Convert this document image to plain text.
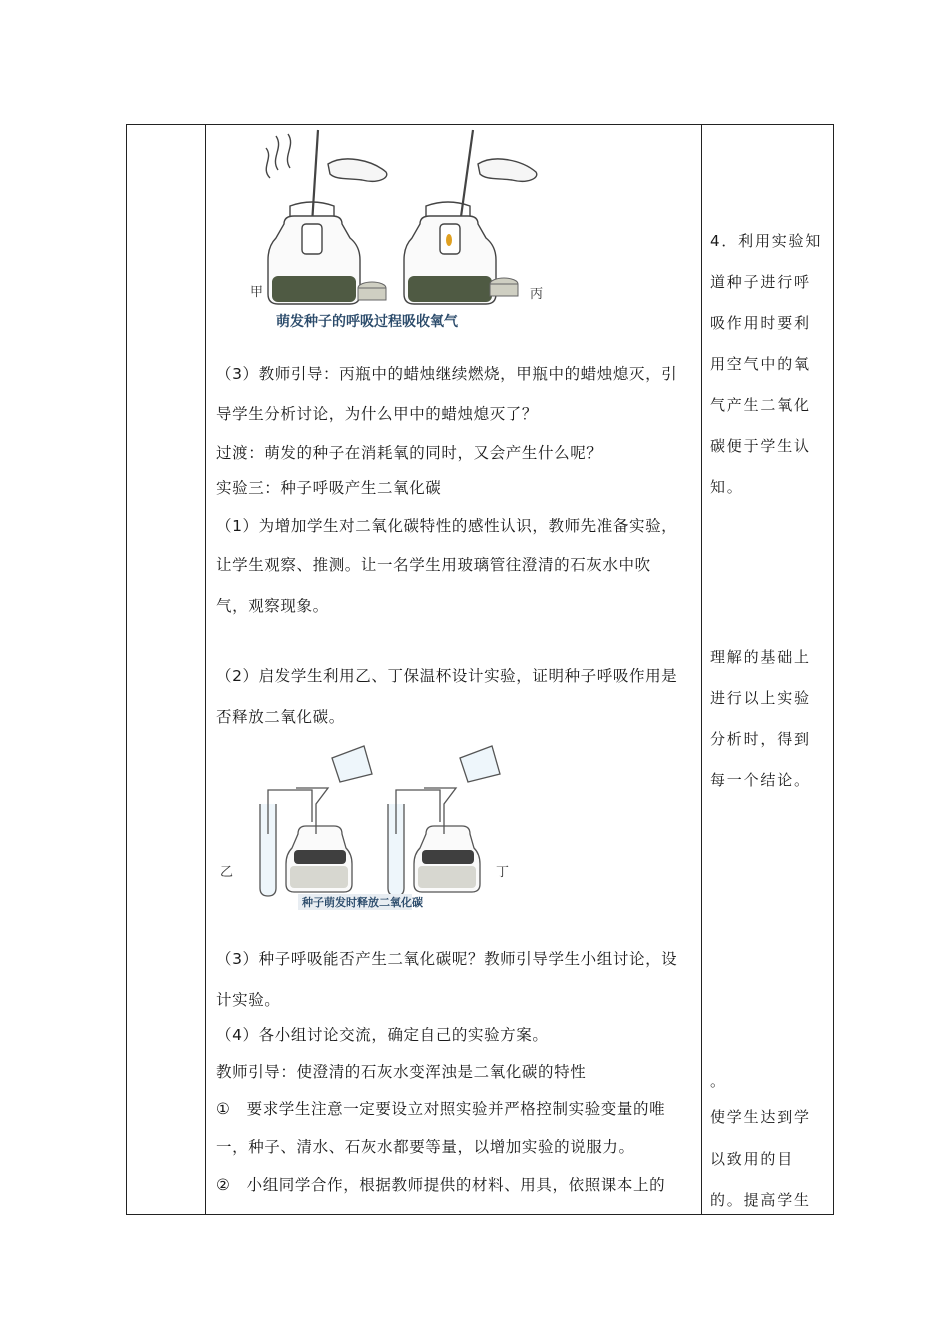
甲	丙
萌发种子的呼吸过程吸收氧气
（3）教师引导：丙瓶中的蜡烛继续燃烧，甲瓶中的蜡烛熄灭，引
导学生分析讨论，为什么甲中的蜡烛熄灭了？
过渡：萌发的种子在消耗氧的同时，又会产生什么呢？
实验三：种子呼吸产生二氧化碳
（1）为增加学生对二氧化碳特性的感性认识，教师先准备实验，
让学生观察、推测。让一名学生用玻璃管往澄清的石灰水中吹
气，观察现象。
（2）启发学生利用乙、丁保温杯设计实验，证明种子呼吸作用是
否释放二氧化碳。
乙	丁
种子萌发时释放二氧化碳
（3）种子呼吸能否产生二氧化碳呢？教师引导学生小组讨论，设
计实验。
（4）各小组讨论交流，确定自己的实验方案。
教师引导：使澄清的石灰水变浑浊是二氧化碳的特性
①　要求学生注意一定要设立对照实验并严格控制实验变量的唯
一，种子、清水、石灰水都要等量，以增加实验的说服力。
②　小组同学合作，根据教师提供的材料、用具，依照课本上的
4．利用实验知
道种子进行呼
吸作用时要利
用空气中的氧
气产生二氧化
碳便于学生认
知。
理解的基础上
进行以上实验
分析时，得到
每一个结论。
。
使学生达到学
以致用的目
的。提高学生
